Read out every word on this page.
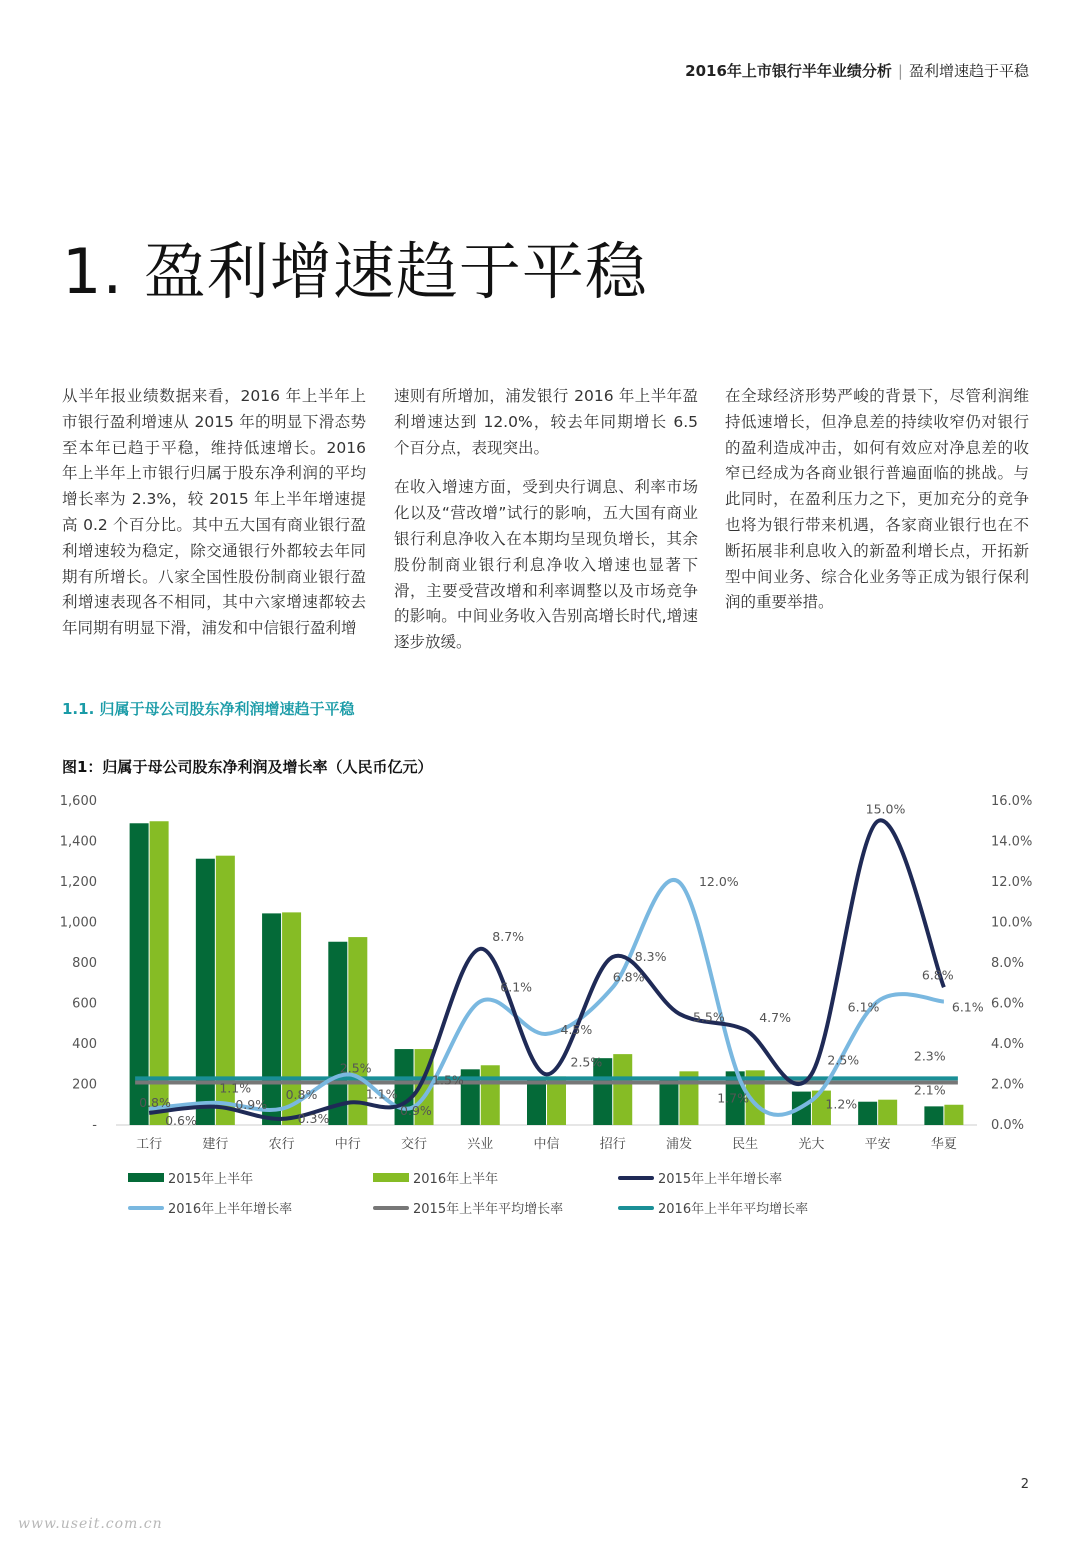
2016年上市银行半年业绩分析 | 盈利增速趋于平稳
1. 盈利增速趋于平稳

从半年报业绩数据来看，2016 年上半年上市银行盈利增速从 2015 年的明显下滑态势至本年已趋于平稳，维持低速增长。2016 年上半年上市银行归属于股东净利润的平均增长率为 2.3%，较 2015 年上半年增速提高 0.2 个百分比。其中五大国有商业银行盈利增速较为稳定，除交通银行外都较去年同期有所增长。八家全国性股份制商业银行盈利增速表现各不相同，其中六家增速都较去年同期有明显下滑，浦发和中信银行盈利增

速则有所增加，浦发银行 2016 年上半年盈利增速达到 12.0%，较去年同期增长 6.5 个百分点，表现突出。

在收入增速方面，受到央行调息、利率市场化以及“营改增”试行的影响，五大国有商业银行利息净收入在本期均呈现负增长，其余股份制商业银行利息净收入增速也显著下滑，主要受营改增和利率调整以及市场竞争的影响。中间业务收入告别高增长时代,增速逐步放缓。

在全球经济形势严峻的背景下，尽管利润维持低速增长，但净息差的持续收窄仍对银行的盈利造成冲击，如何有效应对净息差的收窄已经成为各商业银行普遍面临的挑战。与此同时，在盈利压力之下，更加充分的竞争也将为银行带来机遇，各家商业银行也在不断拓展非利息收入的新盈利增长点，开拓新型中间业务、综合化业务等正成为银行保利润的重要举措。

1.1. 归属于母公司股东净利润增速趋于平稳
图1：归属于母公司股东净利润及增长率（人民币亿元）
-
200
400
600
800
1,000
1,200
1,400
1,600
0.0%
2.0%
4.0%
6.0%
8.0%
10.0%
12.0%
14.0%
16.0%
工行	建行	农行	中行	交行	兴业	中信	招行	浦发	民生	光大	平安	华夏
0.6%
0.9%
0.3%
1.1%
1.5%
8.7%
2.5%
8.3%
5.5%	4.7%
2.5%
15.0%
6.8%
0.8%
1.1%	0.8%
2.5%
0.9%
6.1%
4.5%
6.8%
12.0%
1.7%	1.2%
6.1%	6.1%
2.1%
2.3%
2015年上半年	2016年上半年	2015年上半年增长率
2016年上半年增长率	2015年上半年平均增长率	2016年上半年平均增长率
2
www.useit.com.cn
